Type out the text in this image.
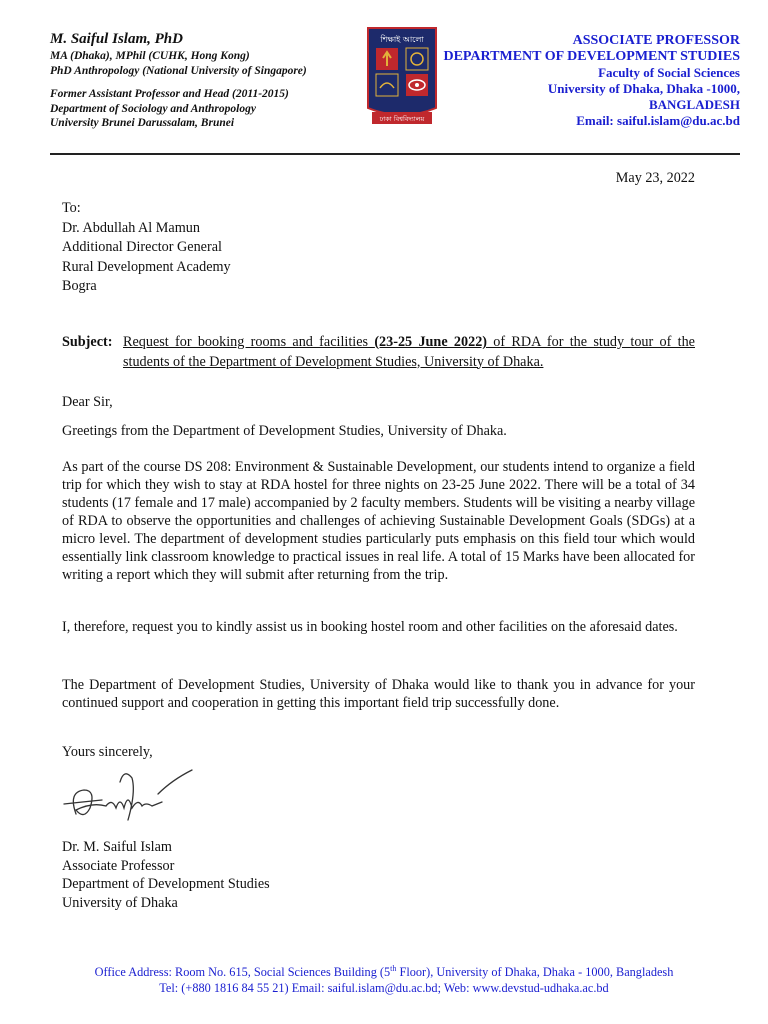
M. Saiful Islam, PhD
MA (Dhaka), MPhil (CUHK, Hong Kong)
PhD Anthropology (National University of Singapore)
Former Assistant Professor and Head (2011-2015)
Department of Sociology and Anthropology
University Brunei Darussalam, Brunei
শিক্ষাই আলো
ঢাকা বিশ্ববিদ্যালয়
ASSOCIATE PROFESSOR
DEPARTMENT OF DEVELOPMENT STUDIES
Faculty of Social Sciences
University of Dhaka, Dhaka -1000,
BANGLADESH
Email: saiful.islam@du.ac.bd
May 23, 2022
To:
Dr. Abdullah Al Mamun
Additional Director General
Rural Development Academy
Bogra
Subject: Request for booking rooms and facilities (23-25 June 2022) of RDA for the study tour of the students of the Department of Development Studies, University of Dhaka.
Dear Sir,
Greetings from the Department of Development Studies, University of Dhaka.
As part of the course DS 208: Environment & Sustainable Development, our students intend to organize a field trip for which they wish to stay at RDA hostel for three nights on 23-25 June 2022. There will be a total of 34 students (17 female and 17 male) accompanied by 2 faculty members. Students will be visiting a nearby village of RDA to observe the opportunities and challenges of achieving Sustainable Development Goals (SDGs) at a micro level. The department of development studies particularly puts emphasis on this field tour which would essentially link classroom knowledge to practical issues in real life. A total of 15 Marks have been allocated for writing a report which they will submit after returning from the trip.
I, therefore, request you to kindly assist us in booking hostel room and other facilities on the aforesaid dates.
The Department of Development Studies, University of Dhaka would like to thank you in advance for your continued support and cooperation in getting this important field trip successfully done.
Yours sincerely,
Dr. M. Saiful Islam
Associate Professor
Department of Development Studies
University of Dhaka
Office Address: Room No. 615, Social Sciences Building (5th Floor), University of Dhaka, Dhaka - 1000, Bangladesh
Tel: (+880 1816 84 55 21) Email: saiful.islam@du.ac.bd; Web: www.devstud-udhaka.ac.bd
